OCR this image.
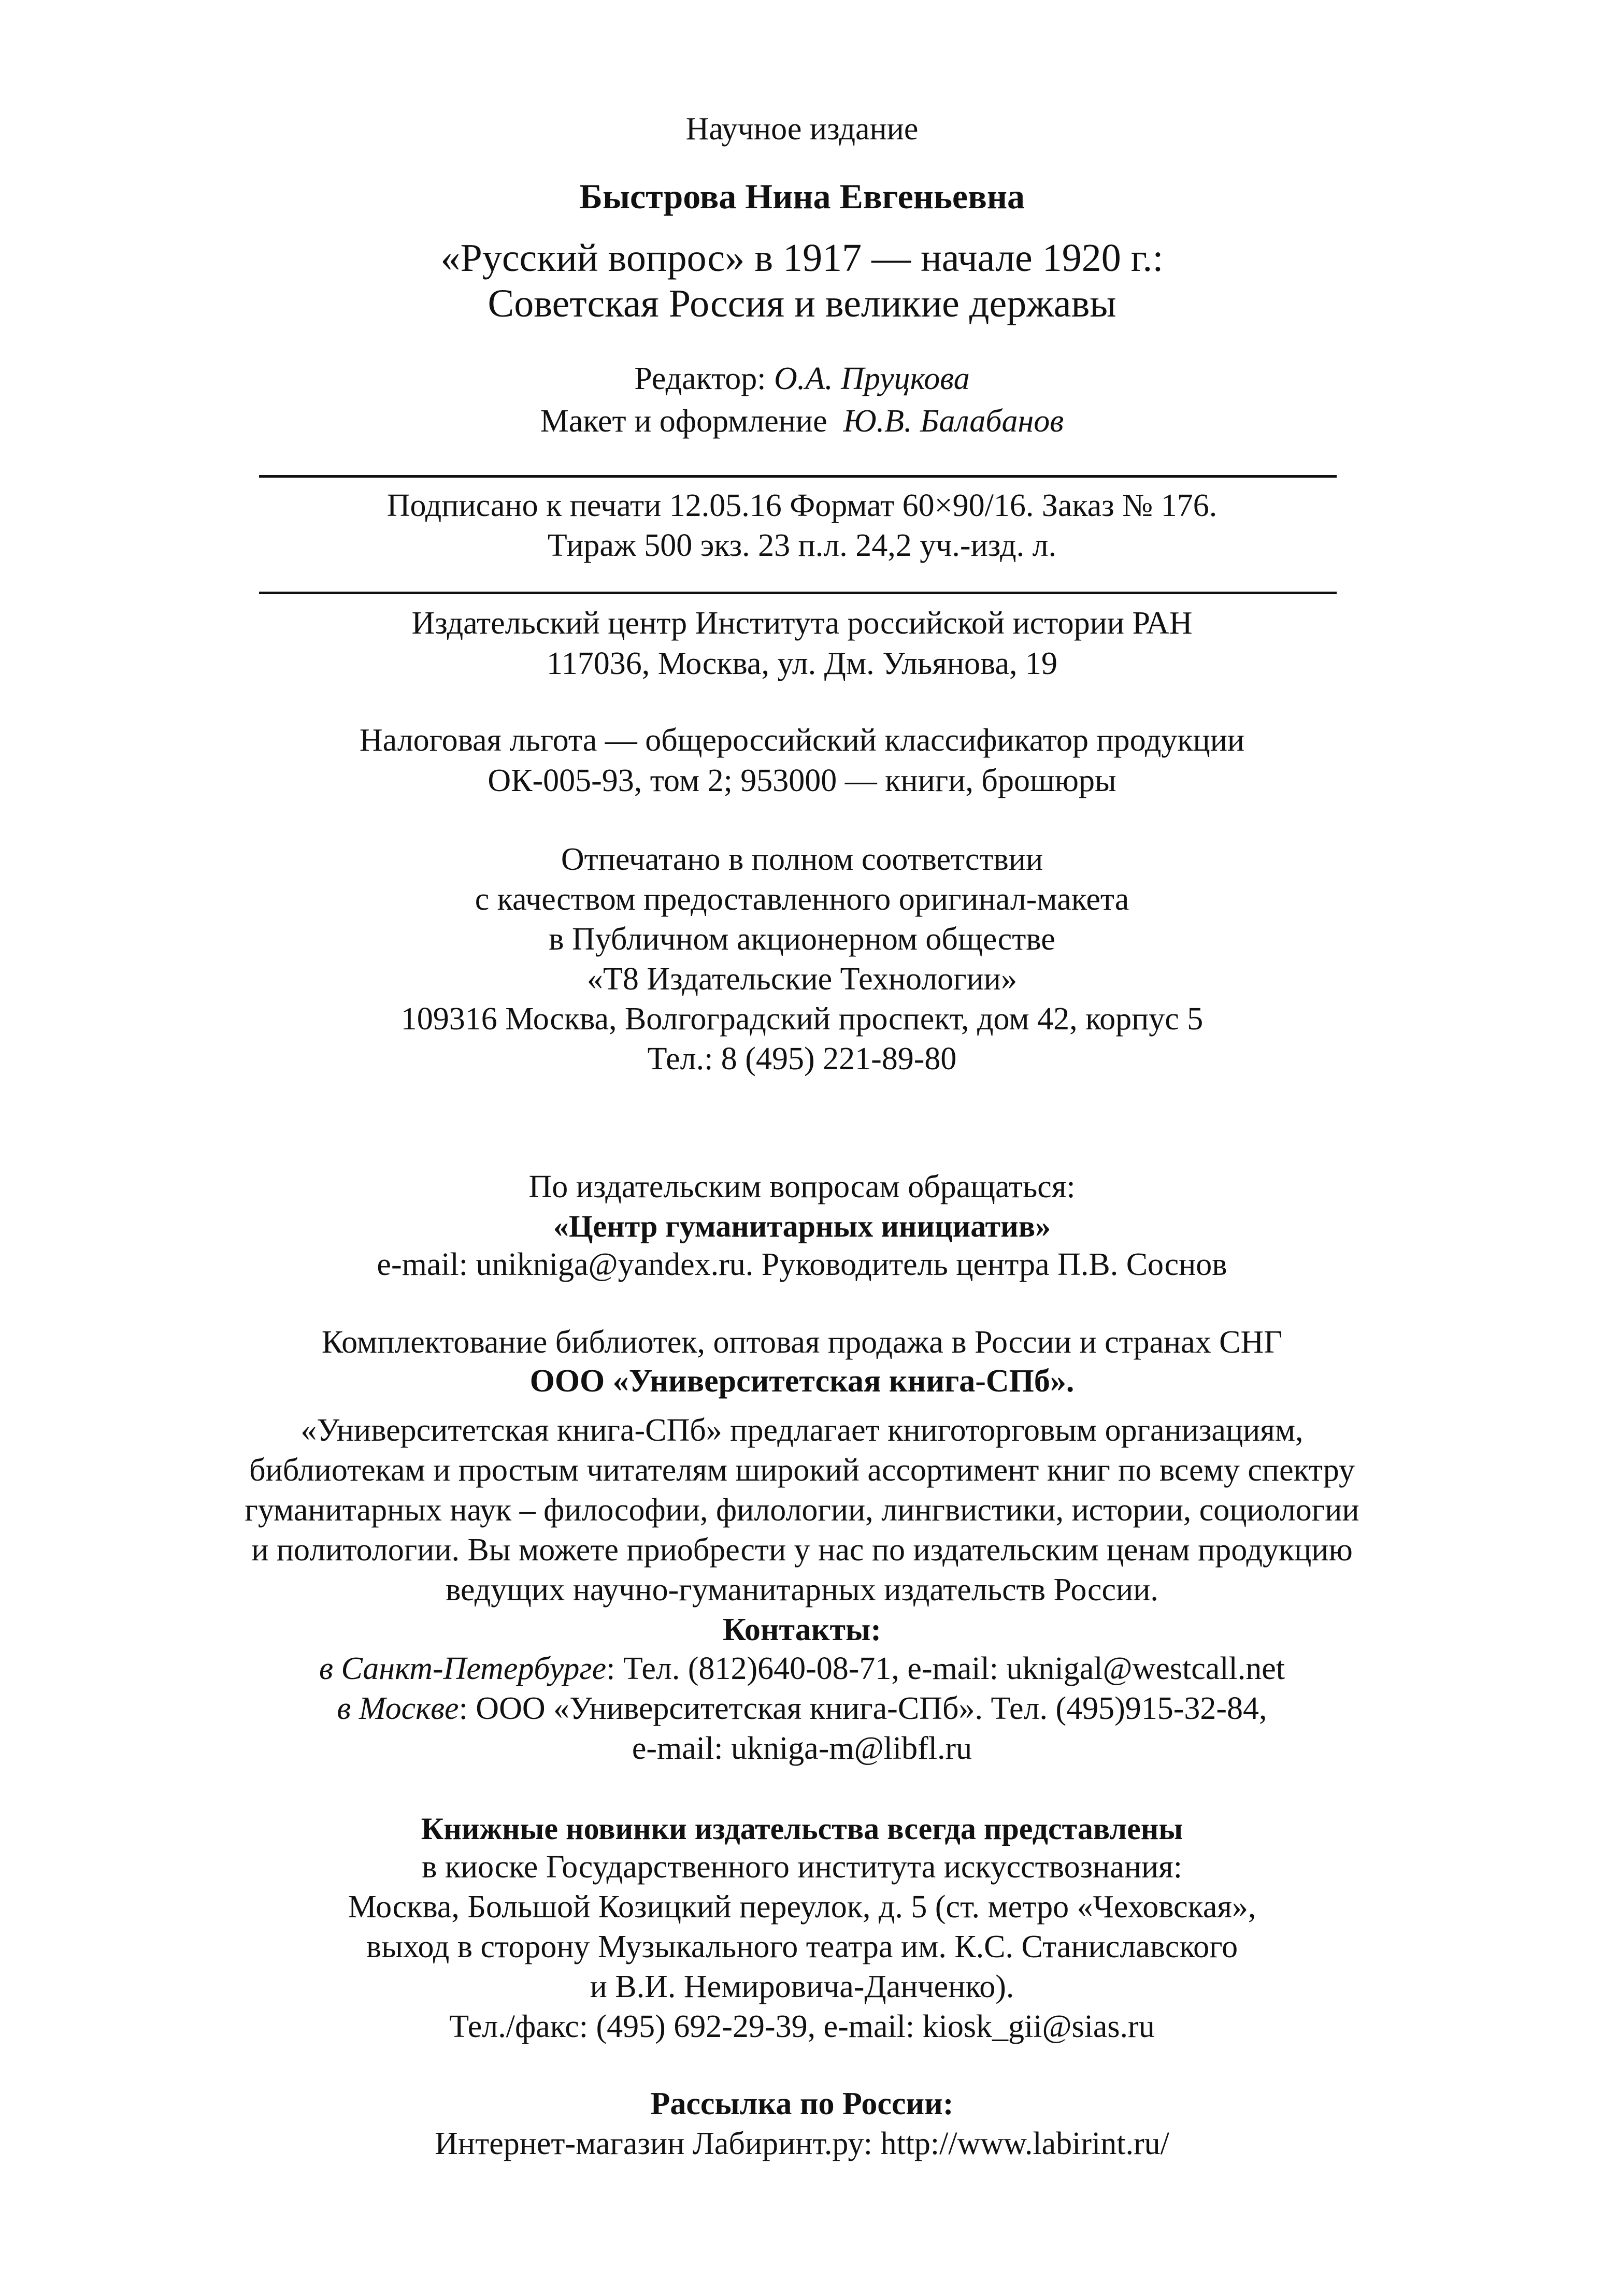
Научное издание
Быстрова Нина Евгеньевна
«Русский вопрос» в 1917 — начале 1920 г.:
Советская Россия и великие державы
Редактор: О.А. Пруцкова
Макет и оформление Ю.В. Балабанов
Подписано к печати 12.05.16 Формат 60×90/16. Заказ № 176.
Тираж 500 экз. 23 п.л. 24,2 уч.-изд. л.
Издательский центр Института российской истории РАН
117036, Москва, ул. Дм. Ульянова, 19
Налоговая льгота — общероссийский классификатор продукции
ОК-005-93, том 2; 953000 — книги, брошюры
Отпечатано в полном соответствии
с качеством предоставленного оригинал-макета
в Публичном акционерном обществе
«Т8 Издательские Технологии»
109316 Москва, Волгоградский проспект, дом 42, корпус 5
Тел.: 8 (495) 221-89-80
По издательским вопросам обращаться:
«Центр гуманитарных инициатив»
e-mail: unikniga@yandex.ru. Руководитель центра П.В. Соснов
Комплектование библиотек, оптовая продажа в России и странах СНГ
ООО «Университетская книга-СПб».
«Университетская книга-СПб» предлагает книготорговым организациям,
библиотекам и простым читателям широкий ассортимент книг по всему спектру
гуманитарных наук – философии, филологии, лингвистики, истории, социологии
и политологии. Вы можете приобрести у нас по издательским ценам продукцию
ведущих научно-гуманитарных издательств России.
Контакты:
в Санкт-Петербурге: Тел. (812)640-08-71, e-mail: uknigal@westcall.net
в Москве: ООО «Университетская книга-СПб». Тел. (495)915-32-84,
e-mail: ukniga-m@libfl.ru
Книжные новинки издательства всегда представлены
в киоске Государственного института искусствознания:
Москва, Большой Козицкий переулок, д. 5 (ст. метро «Чеховская»,
выход в сторону Музыкального театра им. К.С. Станиславского
и В.И. Немировича-Данченко).
Тел./факс: (495) 692-29-39, e-mail: kiosk_gii@sias.ru
Рассылка по России:
Интернет-магазин Лабиринт.ру: http://www.labirint.ru/
